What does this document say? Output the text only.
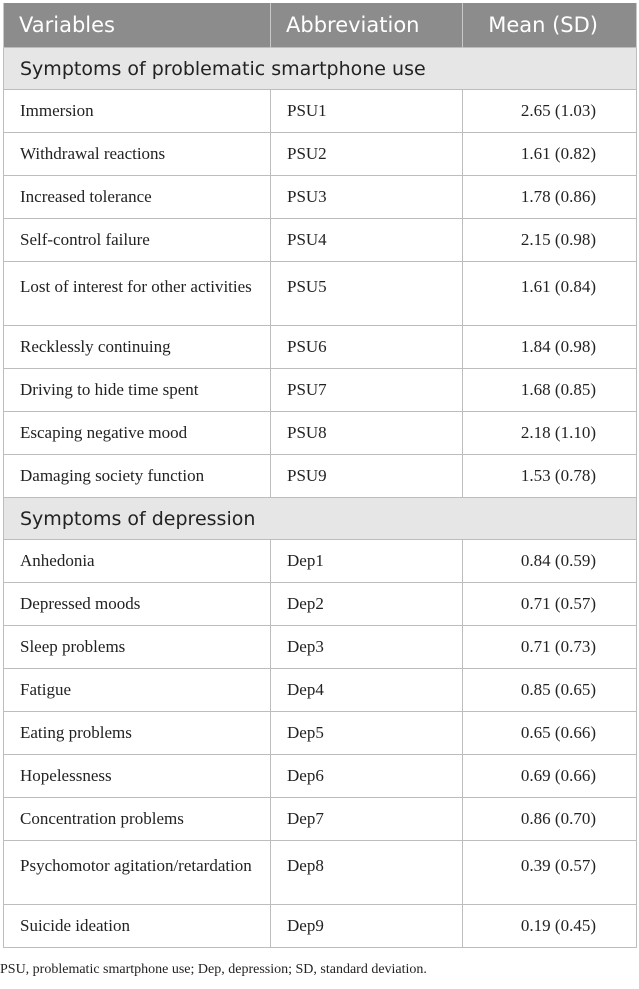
Variables	Abbreviation	Mean (SD)
Symptoms of problematic smartphone use		
Immersion	PSU1	2.65 (1.03)
Withdrawal reactions	PSU2	1.61 (0.82)
Increased tolerance	PSU3	1.78 (0.86)
Self-control failure	PSU4	2.15 (0.98)
Lost of interest for other activities	PSU5	1.61 (0.84)
Recklessly continuing	PSU6	1.84 (0.98)
Driving to hide time spent	PSU7	1.68 (0.85)
Escaping negative mood	PSU8	2.18 (1.10)
Damaging society function	PSU9	1.53 (0.78)
Symptoms of depression		
Anhedonia	Dep1	0.84 (0.59)
Depressed moods	Dep2	0.71 (0.57)
Sleep problems	Dep3	0.71 (0.73)
Fatigue	Dep4	0.85 (0.65)
Eating problems	Dep5	0.65 (0.66)
Hopelessness	Dep6	0.69 (0.66)
Concentration problems	Dep7	0.86 (0.70)
Psychomotor agitation/retardation	Dep8	0.39 (0.57)
Suicide ideation	Dep9	0.19 (0.45)
PSU, problematic smartphone use; Dep, depression; SD, standard deviation.
